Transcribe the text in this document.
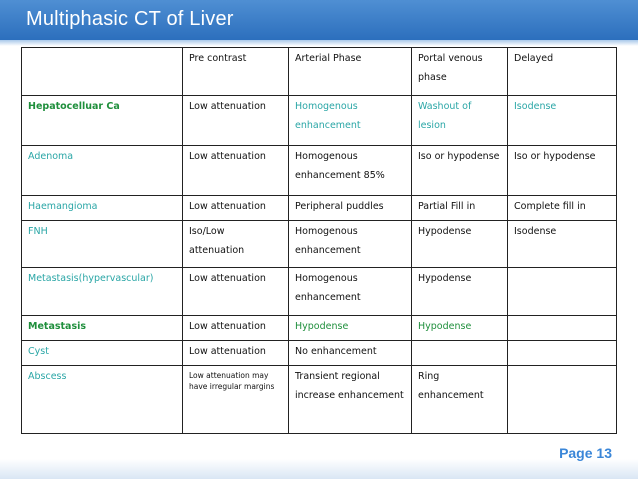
Multiphasic CT of Liver
	Pre contrast	Arterial Phase	Portal venous phase	Delayed
Hepatocelluar Ca	Low attenuation	Homogenous enhancement	Washout of lesion	Isodense
Adenoma	Low attenuation	Homogenous enhancement 85%	Iso or hypodense	Iso or hypodense
Haemangioma	Low attenuation	Peripheral puddles	Partial Fill in	Complete fill in
FNH	Iso/Low attenuation	Homogenous enhancement	Hypodense	Isodense
Metastasis(hypervascular)	Low attenuation	Homogenous enhancement	Hypodense	
Metastasis	Low attenuation	Hypodense	Hypodense	
Cyst	Low attenuation	No enhancement		
Abscess	Low attenuation may have irregular margins	Transient regional increase enhancement	Ring enhancement	
Page 13
